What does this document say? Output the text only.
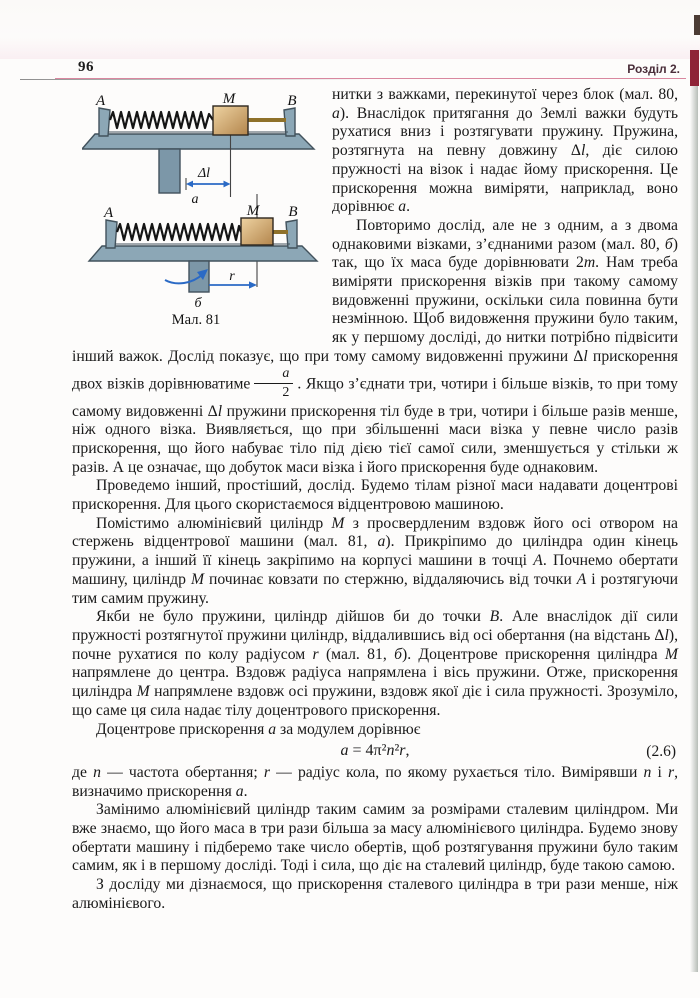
96	Розділ 2.
Δl
A	M	B
а
r
A	M B
б
Мал. 81

нитки з важками, перекинутої через блок (мал. 80, а). Внаслідок притягання до Землі важки будуть рухатися вниз і розтягувати пружину. Пружина, розтягнута на певну довжину Δl, діє силою пружності на візок і надає йому прискорення. Це прискорення можна виміряти, наприклад, воно дорівнює а.

Повторимо дослід, але не з одним, а з двома однаковими візками, з’єднаними разом (мал. 80, б) так, що їх маса буде дорівнювати 2m. Нам треба виміряти прискорення візків при такому самому видовженні пружини, оскільки сила повинна бути незмінною. Щоб видовження пружини було таким, як у першому досліді, до нитки потрібно підвісити інший важок. Дослід показує, що при тому самому видовженні пружини Δl прискорення двох візків дорівнюватиме $\frac{a}{2}$ . Якщо з’єднати три, чотири і більше візків, то при тому самому видовженні Δl пружини прискорення тіл буде в три, чотири і більше разів менше, ніж одного візка. Виявляється, що при збільшенні маси візка у певне число разів прискорення, що його набуває тіло під дією тієї самої сили, зменшується у стільки ж разів. А це означає, що добуток маси візка і його прискорення буде однаковим.

Проведемо інший, простіший, дослід. Будемо тілам різної маси надавати доцентрові прискорення. Для цього скористаємося відцентровою машиною.

Помістимо алюмінієвий циліндр M з просвердленим вздовж його осі отвором на стержень відцентрової машини (мал. 81, а). Прикріпимо до циліндра один кінець пружини, а інший її кінець закріпимо на корпусі машини в точці А. Почнемо обертати машину, циліндр M починає ковзати по стержню, віддаляючись від точки А і розтягуючи тим самим пружину.

Якби не було пружини, циліндр дійшов би до точки В. Але внаслідок дії сили пружності розтягнутої пружини циліндр, віддалившись від осі обертання (на відстань Δl), почне рухатися по колу радіусом r (мал. 81, б). Доцентрове прискорення циліндра M напрямлене до центра. Вздовж радіуса напрямлена і вісь пружини. Отже, прискорення циліндра M напрямлене вздовж осі пружини, вздовж якої діє і сила пружності. Зрозуміло, що саме ця сила надає тілу доцентрового прискорення.

Доцентрове прискорення а за модулем дорівнює

a = 4π²n²r,	(2.6)

де n — частота обертання; r — радіус кола, по якому рухається тіло. Вимірявши n і r, визначимо прискорення а.

Замінимо алюмінієвий циліндр таким самим за розмірами сталевим циліндром. Ми вже знаємо, що його маса в три рази більша за масу алюмінієвого циліндра. Будемо знову обертати машину і підберемо таке число обертів, щоб розтягування пружини було таким самим, як і в першому досліді. Тоді і сила, що діє на сталевий циліндр, буде такою самою.

З досліду ми дізнаємося, що прискорення сталевого циліндра в три рази менше, ніж алюмінієвого.
